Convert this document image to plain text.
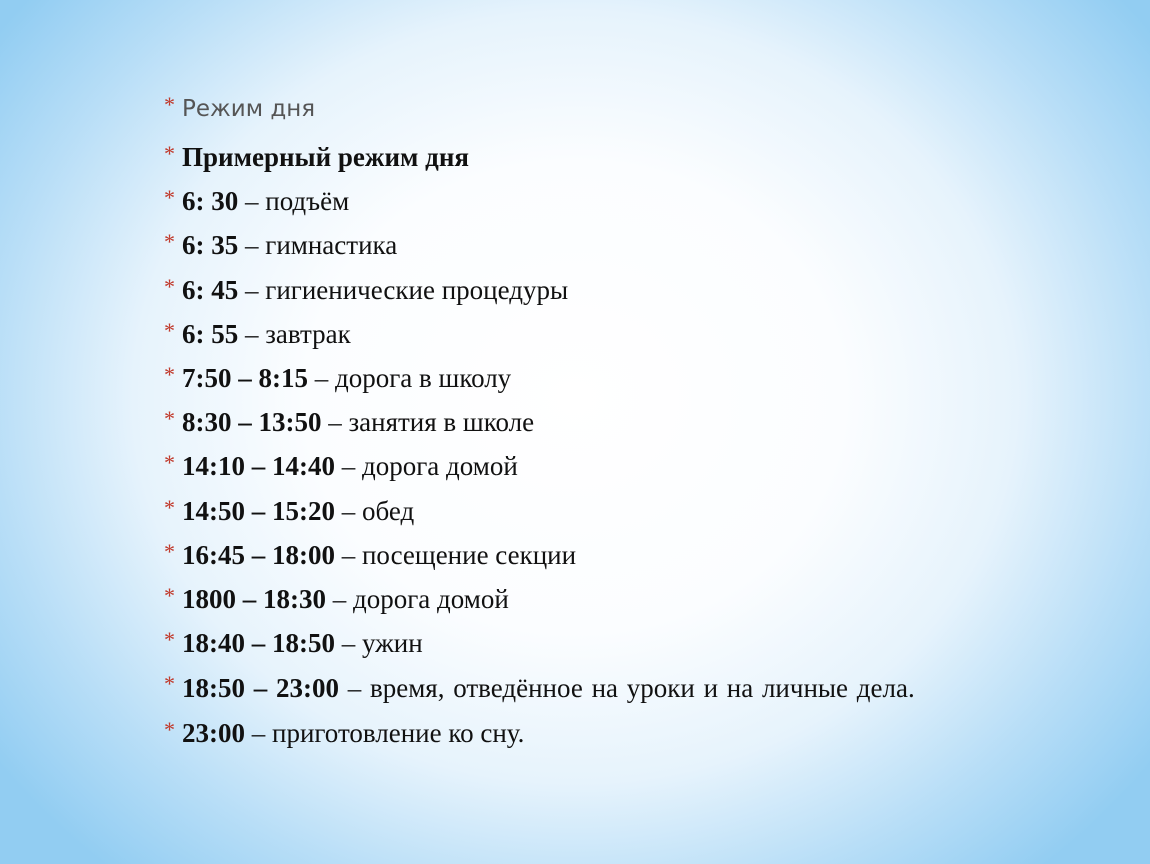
* Режим дня
* Примерный режим дня
* 6: 30 – подъём
* 6: 35 – гимнастика
* 6: 45 – гигиенические процедуры
* 6: 55 – завтрак
* 7:50 – 8:15 – дорога в школу
* 8:30 – 13:50 – занятия в школе
* 14:10 – 14:40 – дорога домой
* 14:50 – 15:20 – обед
* 16:45 – 18:00 – посещение секции
* 1800 – 18:30 – дорога домой
* 18:40 – 18:50 – ужин
* 18:50 – 23:00 – время, отведённое на уроки и на личные дела.
* 23:00 – приготовление ко сну.
